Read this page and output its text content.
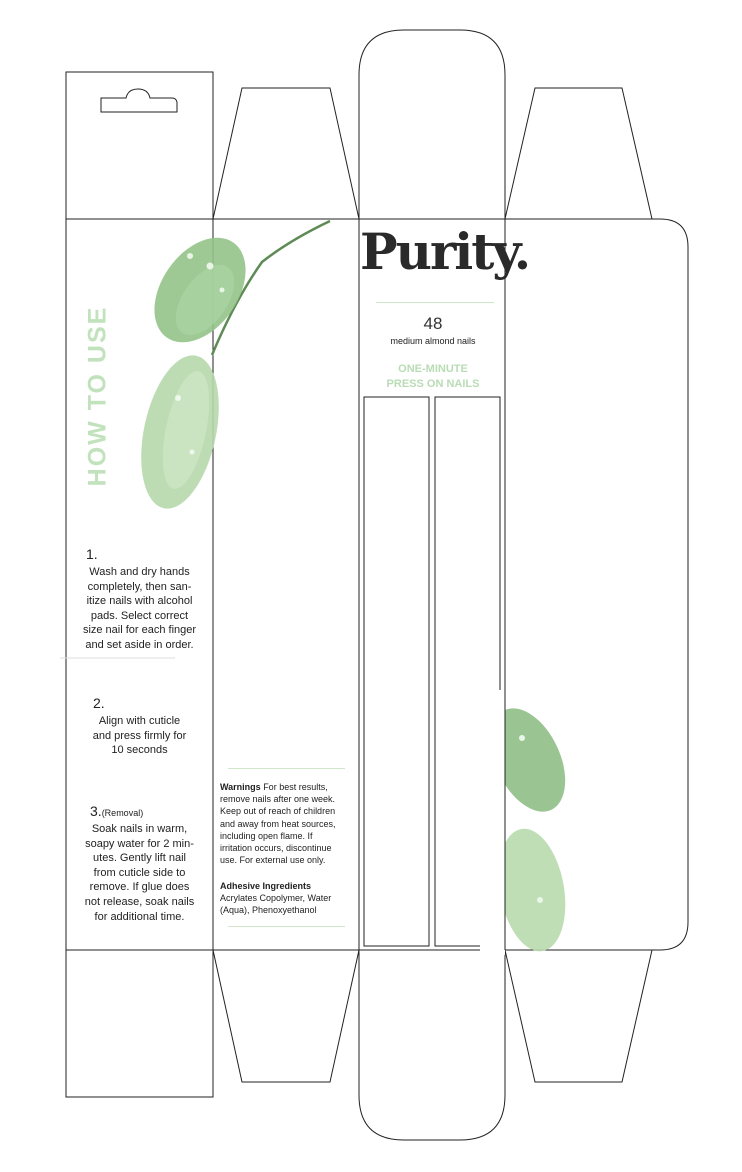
Purity.
48
medium almond nails
ONE-MINUTE
PRESS ON NAILS
HOW TO USE
1.
Wash and dry hands
completely, then san-
itize nails with alcohol
pads. Select correct
size nail for each finger
and set aside in order.
2.
Align with cuticle
and press firmly for
10 seconds
3.(Removal)
Soak nails in warm,
soapy water for 2 min-
utes. Gently lift nail
from cuticle side to
remove. If glue does
not release, soak nails
for additional time.
Warnings For best results,
remove nails after one week.
Keep out of reach of children
and away from heat sources,
including open flame. If
irritation occurs, discontinue
use. For external use only.
Adhesive Ingredients
Acrylates Copolymer, Water
(Aqua), Phenoxyethanol
